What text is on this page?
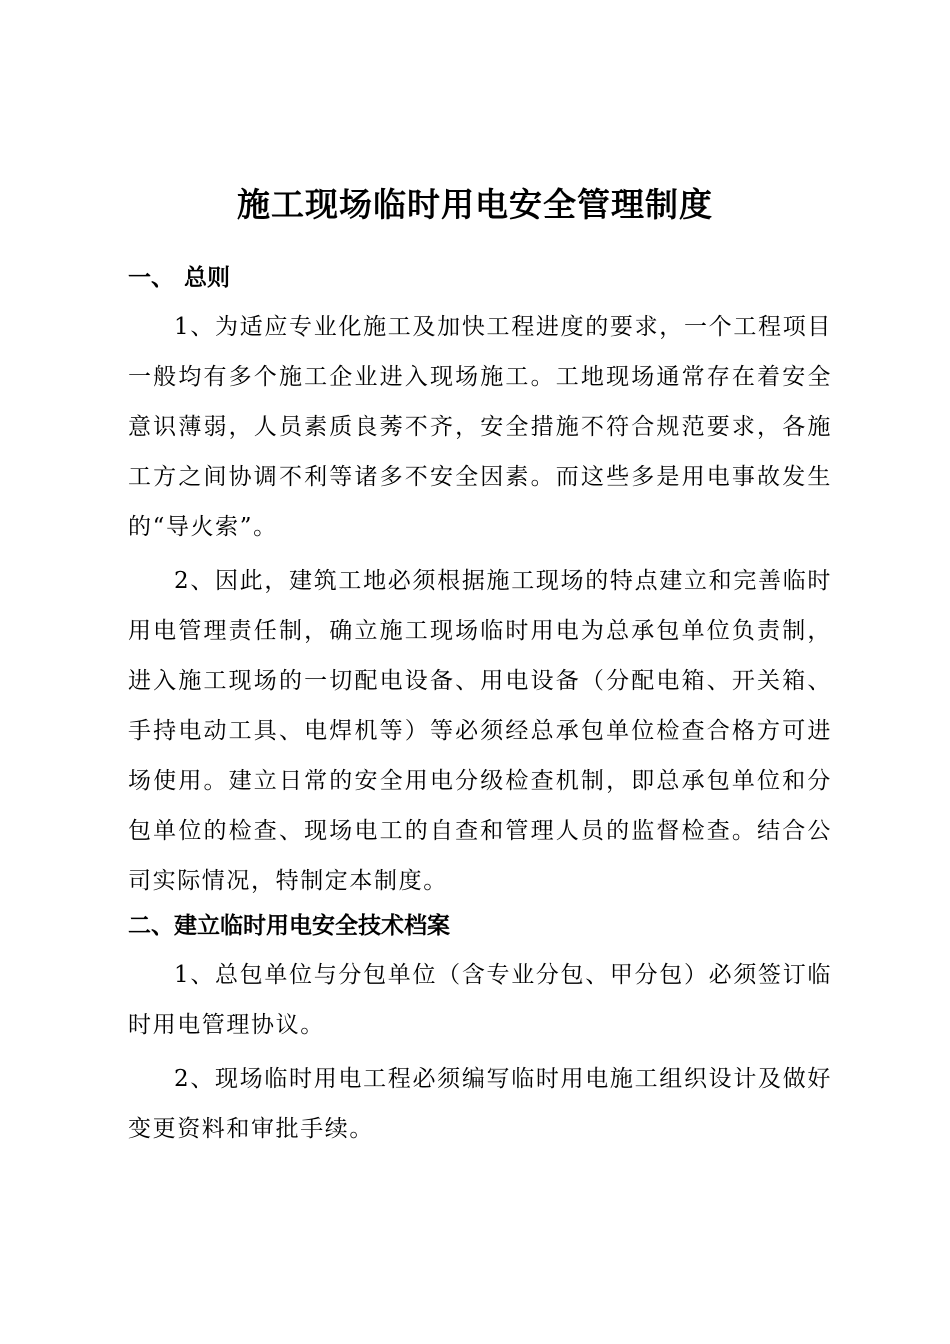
施工现场临时用电安全管理制度
一、 总则

1、为适应专业化施工及加快工程进度的要求，一个工程项目一般均有多个施工企业进入现场施工。工地现场通常存在着安全意识薄弱，人员素质良莠不齐，安全措施不符合规范要求，各施工方之间协调不利等诸多不安全因素。而这些多是用电事故发生的“导火索”。

2、因此，建筑工地必须根据施工现场的特点建立和完善临时用电管理责任制，确立施工现场临时用电为总承包单位负责制，进入施工现场的一切配电设备、用电设备（分配电箱、开关箱、手持电动工具、电焊机等）等必须经总承包单位检查合格方可进场使用。建立日常的安全用电分级检查机制，即总承包单位和分包单位的检查、现场电工的自查和管理人员的监督检查。结合公司实际情况，特制定本制度。

二、建立临时用电安全技术档案

1、总包单位与分包单位（含专业分包、甲分包）必须签订临时用电管理协议。

2、现场临时用电工程必须编写临时用电施工组织设计及做好变更资料和审批手续。
